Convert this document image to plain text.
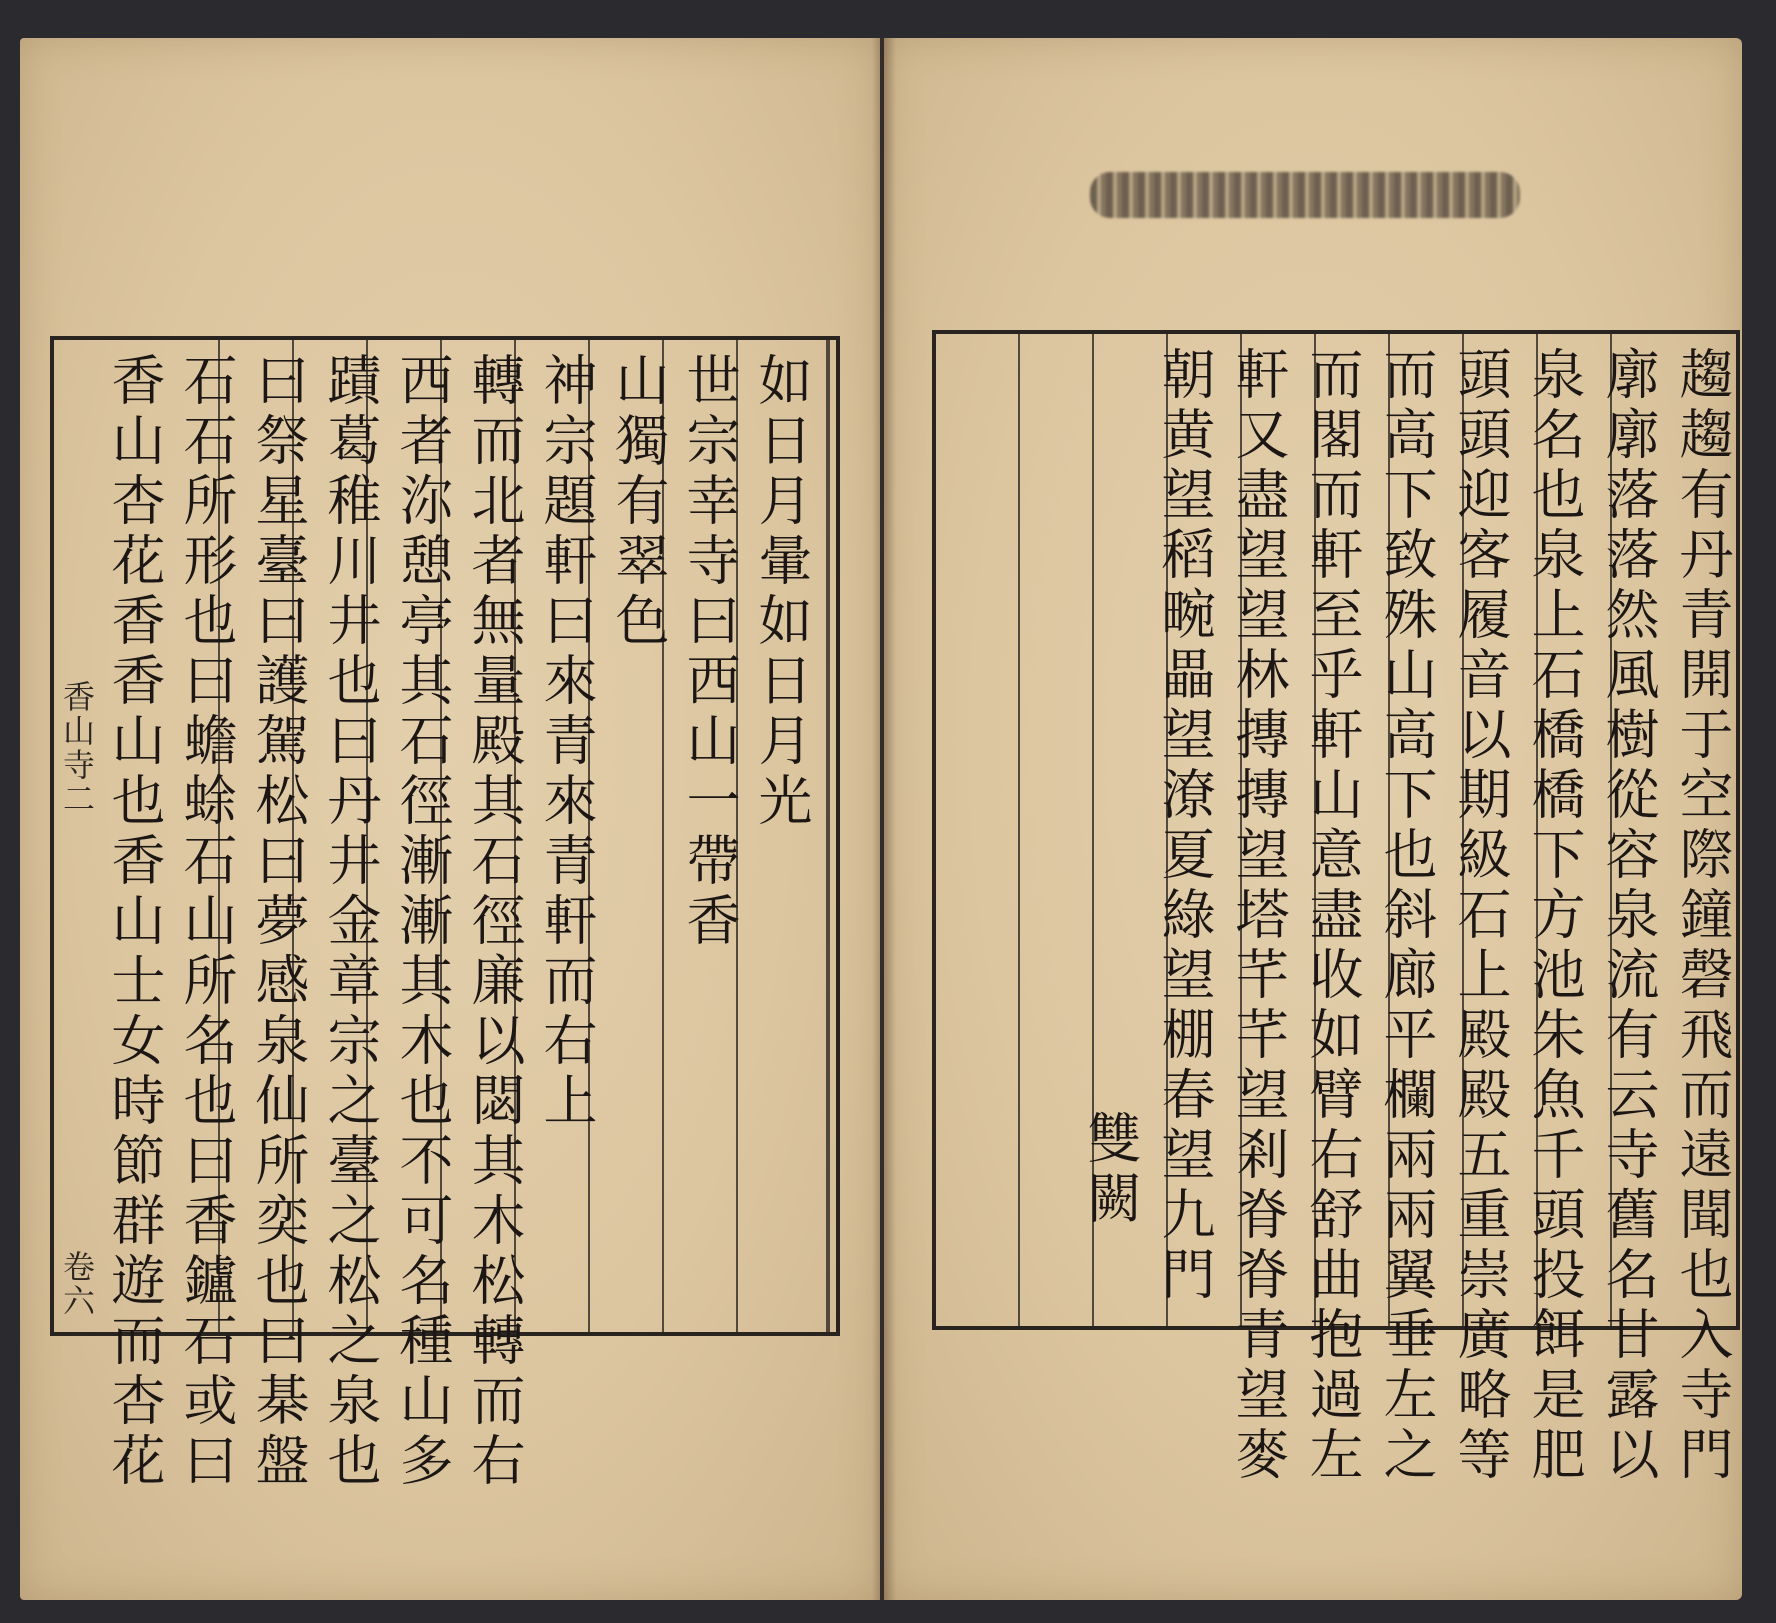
香山寺二
卷六
如日月暈如日月光
世宗幸寺曰西山一帶香
山獨有翠色
神宗題軒曰來青來青軒而右上
轉而北者無量殿其石徑廉以閟其木松轉而右
西者沵憩亭其石徑漸漸其木也不可名種山多
蹟葛稚川井也曰丹井金章宗之臺之松之泉也
曰祭星臺曰護駕松曰夢感泉仙所奕也曰棊盤
石石所形也曰蟾蜍石山所名也曰香鑪石或曰
香山杏花香香山也香山士女時節群遊而杏花	趨趨有丹青開于空際鐘磬飛而遠聞也入寺門
廓廓落落然風樹從容泉流有云寺舊名甘露以
泉名也泉上石橋橋下方池朱魚千頭投餌是肥
頭頭迎客履音以期級石上殿殿五重崇廣略等
而高下致殊山高下也斜廊平欄兩兩翼垂左之
而閣而軒至乎軒山意盡收如臂右舒曲抱過左
軒又盡望望林摶摶望塔芊芊望剎脊脊青望麥
朝黄望稻畹畾望潦夏綠望棚春望九門
雙闕
